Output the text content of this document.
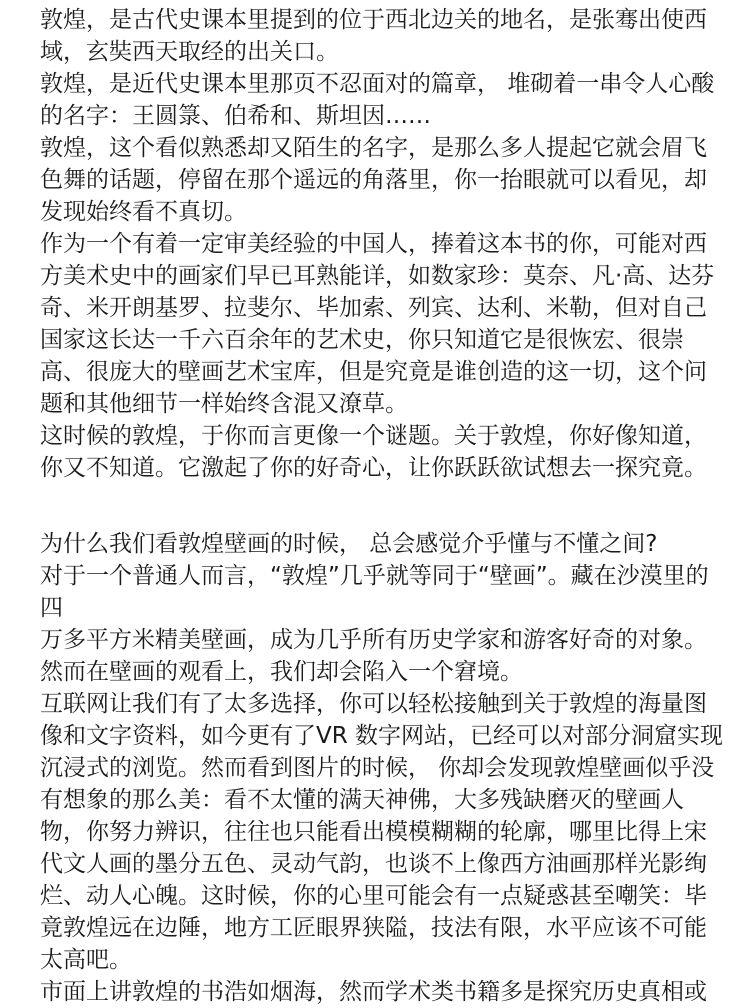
敦煌，是古代史课本里提到的位于西北边关的地名，是张骞出使西
域，玄奘西天取经的出关口。

敦煌，是近代史课本里那页不忍面对的篇章， 堆砌着一串令人心酸
的名字：王圆箓、伯希和、斯坦因……

敦煌，这个看似熟悉却又陌生的名字，是那么多人提起它就会眉飞
色舞的话题，停留在那个遥远的角落里，你一抬眼就可以看见，却
发现始终看不真切。

作为一个有着一定审美经验的中国人，捧着这本书的你，可能对西
方美术史中的画家们早已耳熟能详，如数家珍：莫奈、凡·高、达芬
奇、米开朗基罗、拉斐尔、毕加索、列宾、达利、米勒，但对自己
国家这长达一千六百余年的艺术史，你只知道它是很恢宏、很崇
高、很庞大的壁画艺术宝库，但是究竟是谁创造的这一切，这个问
题和其他细节一样始终含混又潦草。

这时候的敦煌，于你而言更像一个谜题。关于敦煌，你好像知道，
你又不知道。它激起了你的好奇心，让你跃跃欲试想去一探究竟。

为什么我们看敦煌壁画的时候， 总会感觉介乎懂与不懂之间?

对于一个普通人而言，“敦煌”几乎就等同于“壁画”。藏在沙漠里的四
万多平方米精美壁画，成为几乎所有历史学家和游客好奇的对象。
然而在壁画的观看上，我们却会陷入一个窘境。

互联网让我们有了太多选择，你可以轻松接触到关于敦煌的海量图
像和文字资料，如今更有了VR 数字网站，已经可以对部分洞窟实现
沉浸式的浏览。然而看到图片的时候， 你却会发现敦煌壁画似乎没
有想象的那么美：看不太懂的满天神佛，大多残缺磨灭的壁画人
物，你努力辨识，往往也只能看出模模糊糊的轮廓，哪里比得上宋
代文人画的墨分五色、灵动气韵，也谈不上像西方油画那样光影绚
烂、动人心魄。这时候，你的心里可能会有一点疑惑甚至嘲笑：毕
竟敦煌远在边陲，地方工匠眼界狭隘，技法有限，水平应该不可能
太高吧。

市面上讲敦煌的书浩如烟海，然而学术类书籍多是探究历史真相或
